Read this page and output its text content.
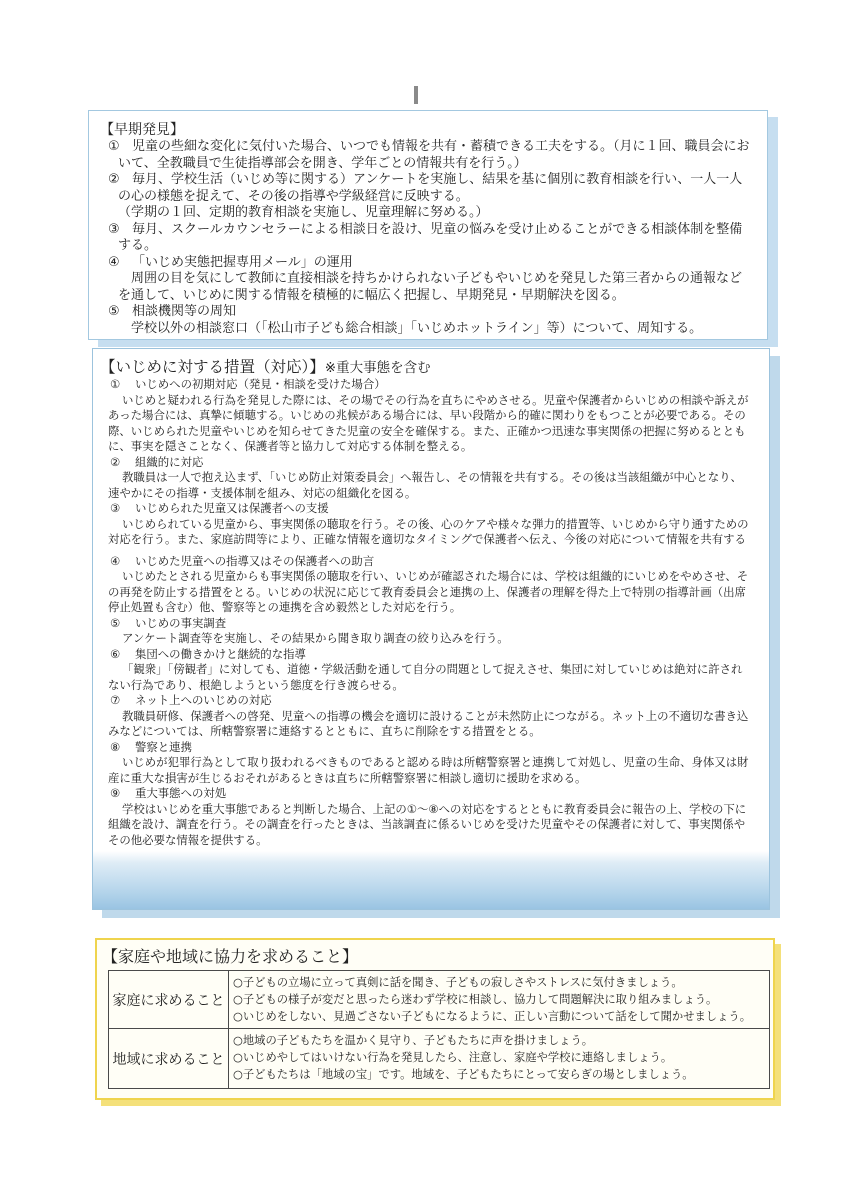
【早期発見】
① 児童の些細な変化に気付いた場合、いつでも情報を共有・蓄積できる工夫をする。（月に１回、職員会にお
いて、全教職員で生徒指導部会を開き、学年ごとの情報共有を行う。）
② 毎月、学校生活（いじめ等に関する）アンケートを実施し、結果を基に個別に教育相談を行い、一人一人
の心の様態を捉えて、その後の指導や学級経営に反映する。
（学期の１回、定期的教育相談を実施し、児童理解に努める。）
③ 毎月、スクールカウンセラーによる相談日を設け、児童の悩みを受け止めることができる相談体制を整備
する。
④ 「いじめ実態把握専用メール」の運用
周囲の目を気にして教師に直接相談を持ちかけられない子どもやいじめを発見した第三者からの通報など
を通して、いじめに関する情報を積極的に幅広く把握し、早期発見・早期解決を図る。
⑤ 相談機関等の周知
学校以外の相談窓口（「松山市子ども総合相談」「いじめホットライン」等）について、周知する。
【いじめに対する措置（対応）】※重大事態を含む
① いじめへの初期対応（発見・相談を受けた場合）
いじめと疑われる行為を発見した際には、その場でその行為を直ちにやめさせる。児童や保護者からいじめの相談や訴えが
あった場合には、真摯に傾聴する。いじめの兆候がある場合には、早い段階から的確に関わりをもつことが必要である。その
際、いじめられた児童やいじめを知らせてきた児童の安全を確保する。また、正確かつ迅速な事実関係の把握に努めるととも
に、事実を隠さことなく、保護者等と協力して対応する体制を整える。
② 組織的に対応
教職員は一人で抱え込まず、「いじめ防止対策委員会」へ報告し、その情報を共有する。その後は当該組織が中心となり、
速やかにその指導・支援体制を組み、対応の組織化を図る。
③ いじめられた児童又は保護者への支援
いじめられている児童から、事実関係の聴取を行う。その後、心のケアや様々な弾力的措置等、いじめから守り通すための
対応を行う。また、家庭訪問等により、正確な情報を適切なタイミングで保護者へ伝え、今後の対応について情報を共有する
④ いじめた児童への指導又はその保護者への助言
いじめたとされる児童からも事実関係の聴取を行い、いじめが確認された場合には、学校は組織的にいじめをやめさせ、そ
の再発を防止する措置をとる。いじめの状況に応じて教育委員会と連携の上、保護者の理解を得た上で特別の指導計画（出席
停止処置も含む）他、警察等との連携を含め毅然とした対応を行う。
⑤ いじめの事実調査
アンケート調査等を実施し、その結果から聞き取り調査の絞り込みを行う。
⑥ 集団への働きかけと継続的な指導
「観衆」「傍観者」に対しても、道徳・学級活動を通して自分の問題として捉えさせ、集団に対していじめは絶対に許され
ない行為であり、根絶しようという態度を行き渡らせる。
⑦ ネット上へのいじめの対応
教職員研修、保護者への啓発、児童への指導の機会を適切に設けることが未然防止につながる。ネット上の不適切な書き込
みなどについては、所轄警察署に連絡するとともに、直ちに削除をする措置をとる。
⑧ 警察と連携
いじめが犯罪行為として取り扱われるべきものであると認める時は所轄警察署と連携して対処し、児童の生命、身体又は財
産に重大な損害が生じるおそれがあるときは直ちに所轄警察署に相談し適切に援助を求める。
⑨ 重大事態への対処
学校はいじめを重大事態であると判断した場合、上記の①～⑧への対応をするとともに教育委員会に報告の上、学校の下に
組織を設け、調査を行う。その調査を行ったときは、当該調査に係るいじめを受けた児童やその保護者に対して、事実関係や
その他必要な情報を提供する。
【家庭や地域に協力を求めること】
家庭に求めること	○子どもの立場に立って真剣に話を聞き、子どもの寂しさやストレスに気付きましょう。
○子どもの様子が変だと思ったら迷わず学校に相談し、協力して問題解決に取り組みましょう。
○いじめをしない、見過ごさない子どもになるように、正しい言動について話をして聞かせましょう。

地域に求めること	○地域の子どもたちを温かく見守り、子どもたちに声を掛けましょう。
○いじめやしてはいけない行為を発見したら、注意し、家庭や学校に連絡しましょう。
○子どもたちは「地域の宝」です。地域を、子どもたちにとって安らぎの場としましょう。
